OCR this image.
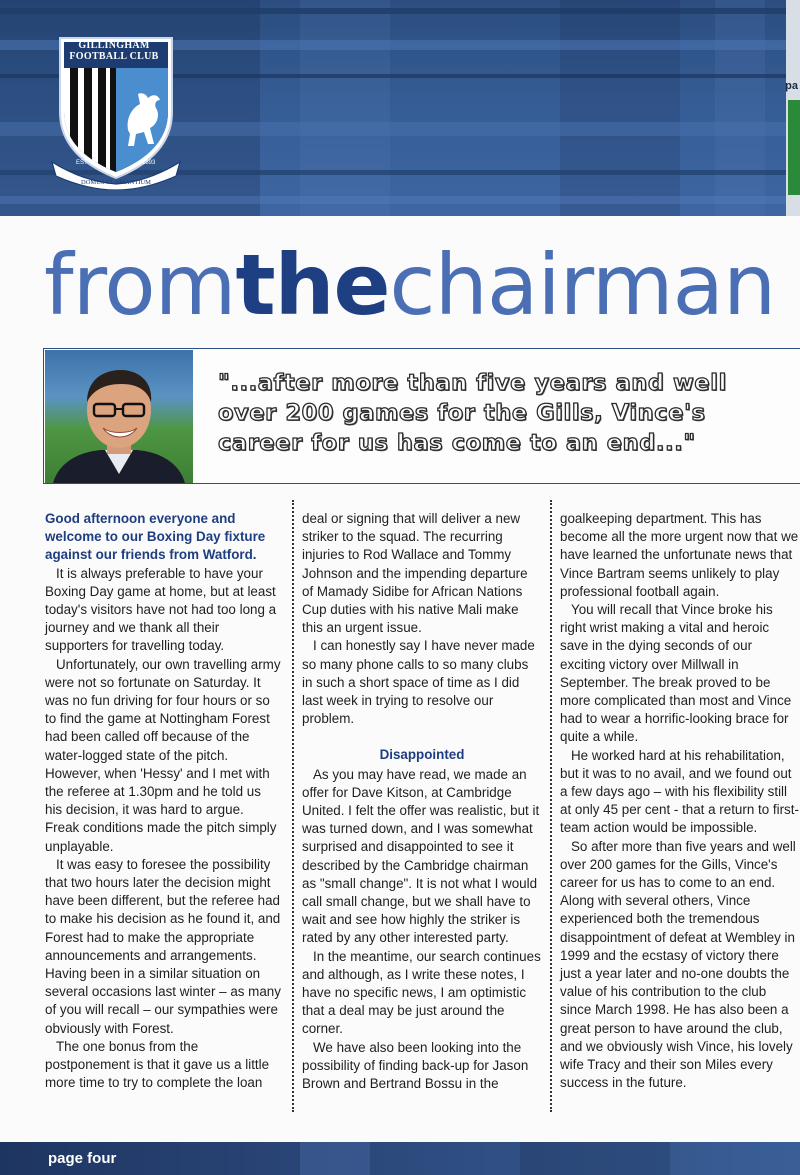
pa
EST	1893
DOMUS CLAMANTIUM
GILLINGHAM FOOTBALL CLUB
fromthechairman
"...after more than five years and well over 200 games for the Gills, Vince's career for us has come to an end..."

Good afternoon everyone and welcome to our Boxing Day fixture against our friends from Watford.

It is always preferable to have your Boxing Day game at home, but at least today's visitors have not had too long a journey and we thank all their supporters for travelling today.

Unfortunately, our own travelling army were not so fortunate on Saturday. It was no fun driving for four hours or so to find the game at Nottingham Forest had been called off because of the water-logged state of the pitch. However, when 'Hessy' and I met with the referee at 1.30pm and he told us his decision, it was hard to argue. Freak conditions made the pitch simply unplayable.

It was easy to foresee the possibility that two hours later the decision might have been different, but the referee had to make his decision as he found it, and Forest had to make the appropriate announcements and arrangements. Having been in a similar situation on several occasions last winter – as many of you will recall – our sympathies were obviously with Forest.

The one bonus from the postponement is that it gave us a little more time to try to complete the loan

deal or signing that will deliver a new striker to the squad. The recurring injuries to Rod Wallace and Tommy Johnson and the impending departure of Mamady Sidibe for African Nations Cup duties with his native Mali make this an urgent issue.

I can honestly say I have never made so many phone calls to so many clubs in such a short space of time as I did last week in trying to resolve our problem.

Disappointed

As you may have read, we made an offer for Dave Kitson, at Cambridge United. I felt the offer was realistic, but it was turned down, and I was somewhat surprised and disappointed to see it described by the Cambridge chairman as "small change". It is not what I would call small change, but we shall have to wait and see how highly the striker is rated by any other interested party.

In the meantime, our search continues and although, as I write these notes, I have no specific news, I am optimistic that a deal may be just around the corner.

We have also been looking into the possibility of finding back-up for Jason Brown and Bertrand Bossu in the

goalkeeping department. This has become all the more urgent now that we have learned the unfortunate news that Vince Bartram seems unlikely to play professional football again.

You will recall that Vince broke his right wrist making a vital and heroic save in the dying seconds of our exciting victory over Millwall in September. The break proved to be more complicated than most and Vince had to wear a horrific-looking brace for quite a while.

He worked hard at his rehabilitation, but it was to no avail, and we found out a few days ago – with his flexibility still at only 45 per cent - that a return to first-team action would be impossible.

So after more than five years and well over 200 games for the Gills, Vince's career for us has to come to an end. Along with several others, Vince experienced both the tremendous disappointment of defeat at Wembley in 1999 and the ecstasy of victory there just a year later and no-one doubts the value of his contribution to the club since March 1998. He has also been a great person to have around the club, and we obviously wish Vince, his lovely wife Tracy and their son Miles every success in the future.

page four
